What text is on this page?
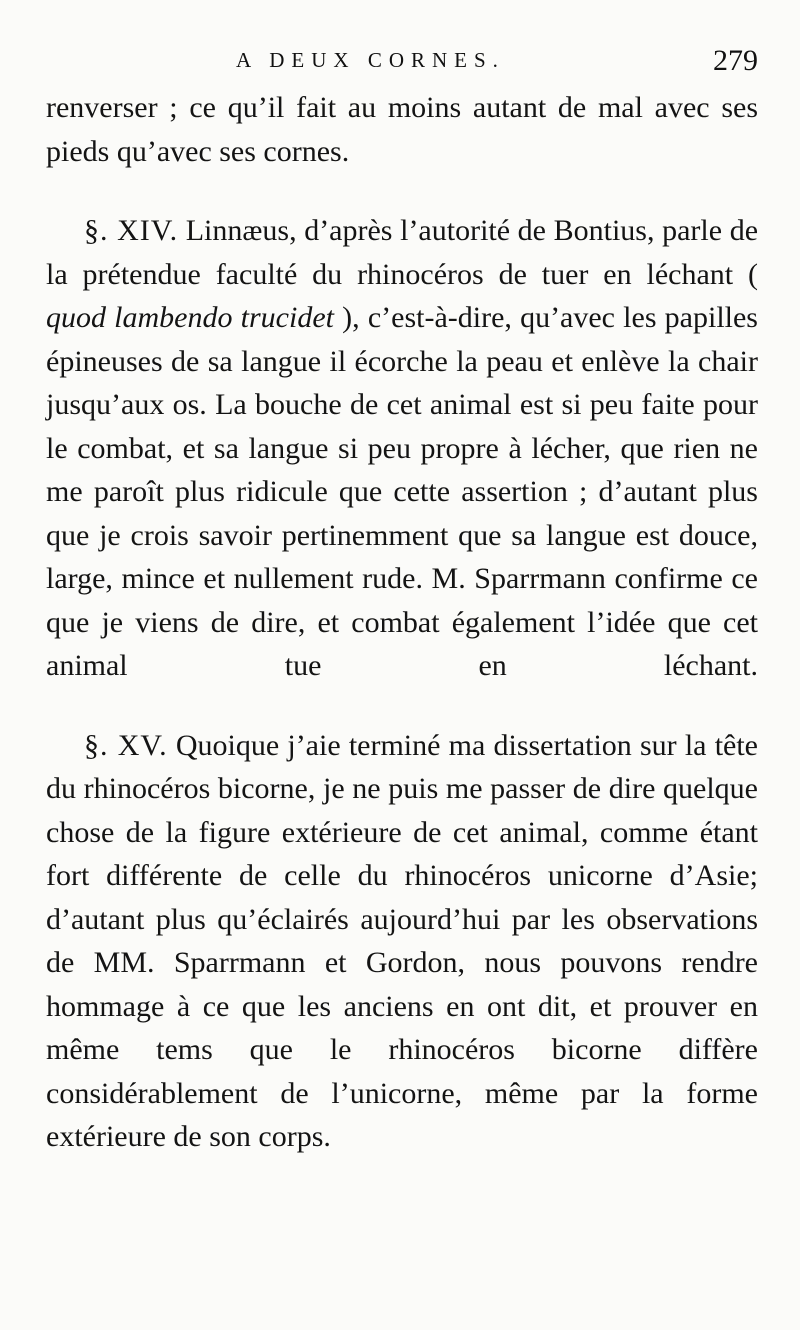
A DEUX CORNES.	279

renverser ; ce qu’il fait au moins autant de mal avec ses pieds qu’avec ses cornes.

§. XIV. Linnæus, d’après l’autorité de Bontius, parle de la prétendue faculté du rhinocéros de tuer en léchant ( quod lambendo trucidet ), c’est-à-dire, qu’avec les papilles épineuses de sa langue il écorche la peau et enlève la chair jusqu’aux os. La bouche de cet animal est si peu faite pour le combat, et sa langue si peu propre à lécher, que rien ne me paroît plus ridicule que cette assertion ; d’autant plus que je crois savoir pertinemment que sa langue est douce, large, mince et nullement rude. M. Sparrmann confirme ce que je viens de dire, et combat également l’idée que cet animal tue en léchant.

§. XV. Quoique j’aie terminé ma dissertation sur la tête du rhinocéros bicorne, je ne puis me passer de dire quelque chose de la figure extérieure de cet animal, comme étant fort différente de celle du rhinocéros unicorne d’Asie; d’autant plus qu’éclairés aujourd’hui par les observations de MM. Sparrmann et Gordon, nous pouvons rendre hommage à ce que les anciens en ont dit, et prouver en même tems que le rhinocéros bicorne diffère considérablement de l’unicorne, même par la forme extérieure de son corps.
